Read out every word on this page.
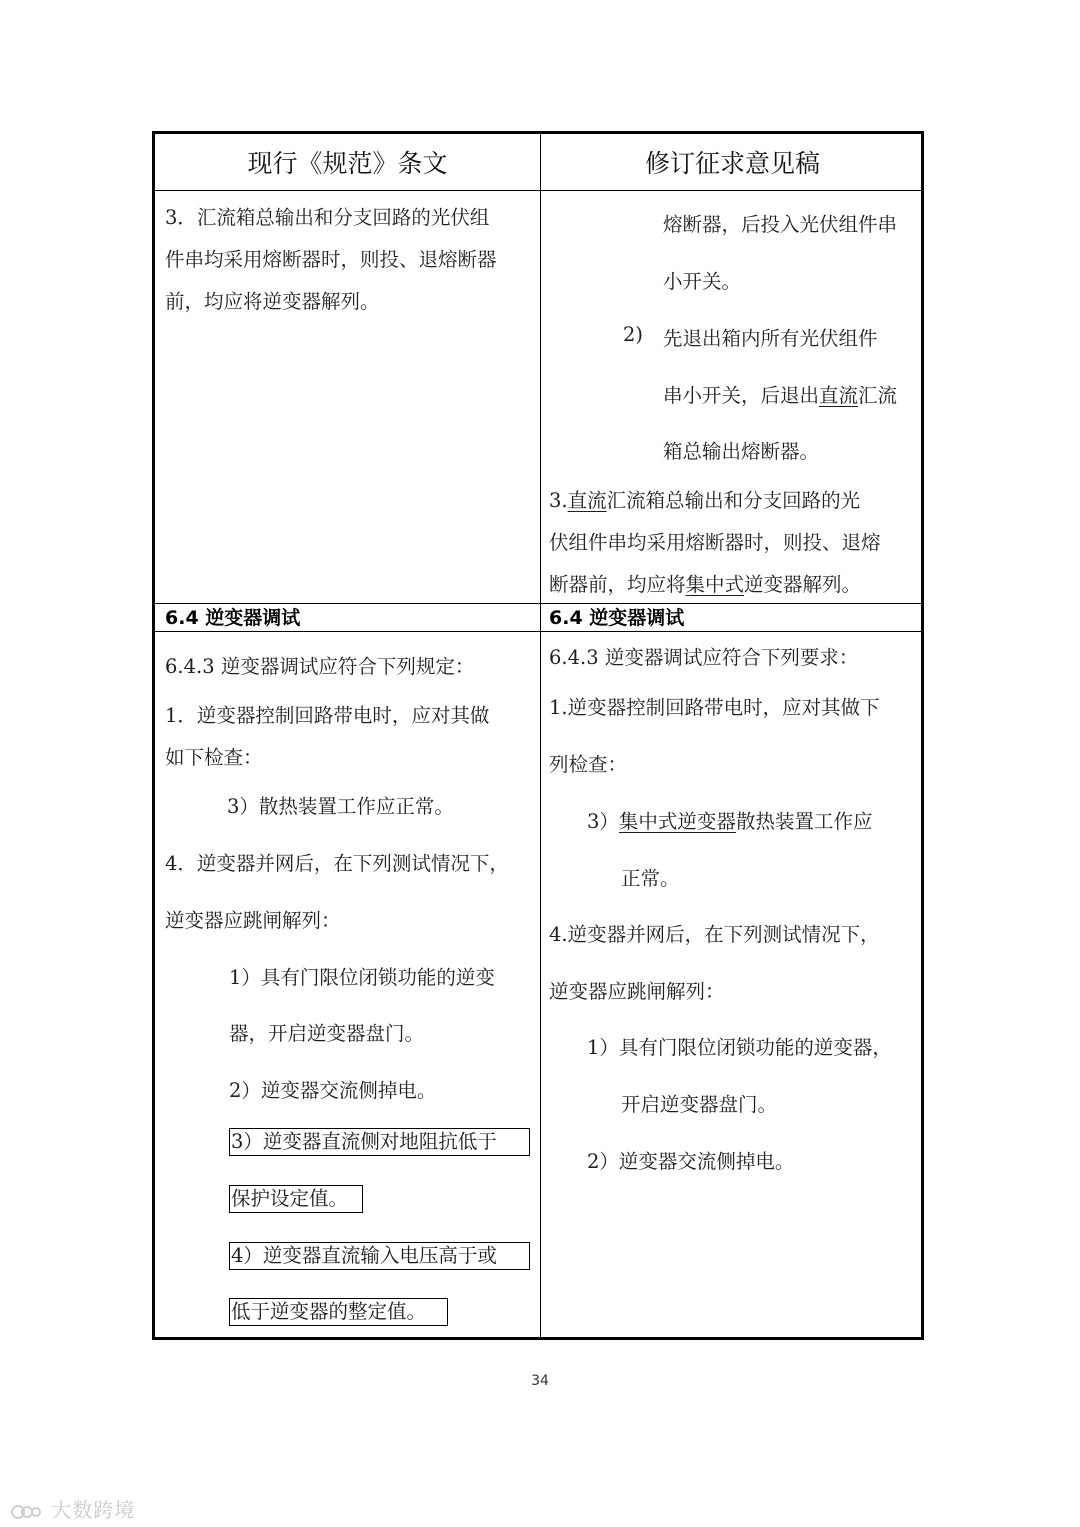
现行《规范》条文	修订征求意见稿
3．汇流箱总输出和分支回路的光伏组
件串均采用熔断器时，则投、退熔断器
前，均应将逆变器解列。
熔断器，后投入光伏组件串
小开关。
2) 先退出箱内所有光伏组件
串小开关，后退出直流汇流
箱总输出熔断器。
3.直流汇流箱总输出和分支回路的光
伏组件串均采用熔断器时，则投、退熔
断器前，均应将集中式逆变器解列。
6.4 逆变器调试	6.4 逆变器调试
6.4.3 逆变器调试应符合下列规定：
1．逆变器控制回路带电时，应对其做
如下检查：
3）散热装置工作应正常。
4．逆变器并网后，在下列测试情况下，
逆变器应跳闸解列：
1）具有门限位闭锁功能的逆变
器，开启逆变器盘门。
2）逆变器交流侧掉电。
3）逆变器直流侧对地阻抗低于
保护设定值。
4）逆变器直流输入电压高于或
低于逆变器的整定值。
6.4.3 逆变器调试应符合下列要求：
1.逆变器控制回路带电时，应对其做下
列检查：
3）集中式逆变器散热装置工作应
正常。
4.逆变器并网后，在下列测试情况下，
逆变器应跳闸解列：
1）具有门限位闭锁功能的逆变器，
开启逆变器盘门。
2）逆变器交流侧掉电。
34
大数跨境
